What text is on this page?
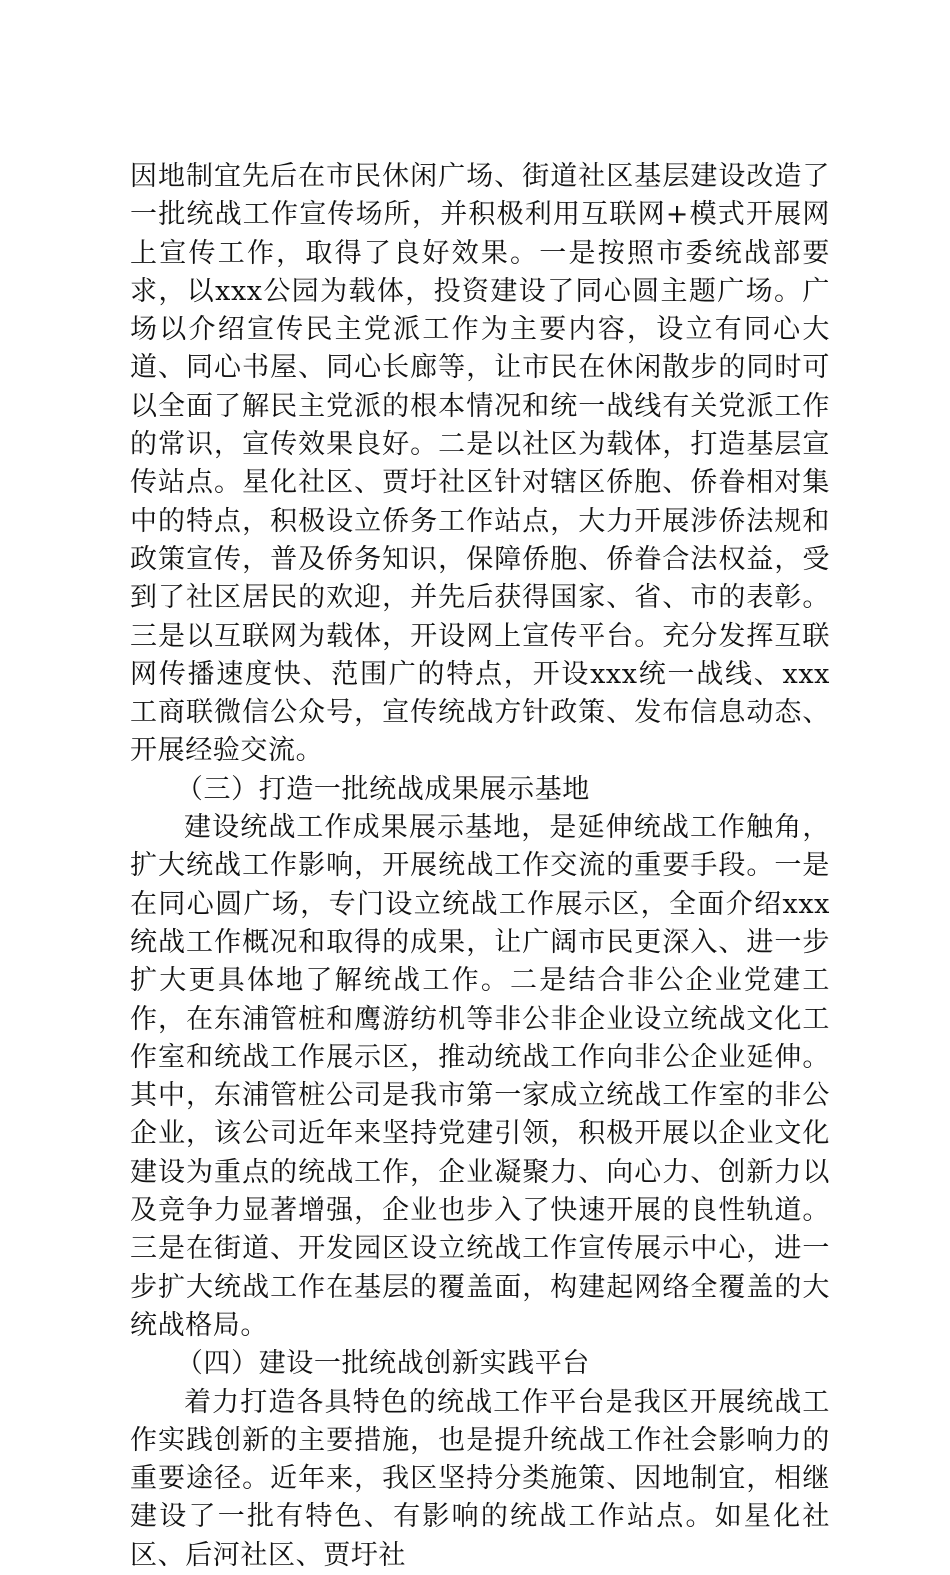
因地制宜先后在市民休闲广场、街道社区基层建设改造了一批统战工作宣传场所，并积极利用互联网+模式开展网上宣传工作，取得了良好效果。一是按照市委统战部要求，以xxx公园为载体，投资建设了同心圆主题广场。广场以介绍宣传民主党派工作为主要内容，设立有同心大道、同心书屋、同心长廊等，让市民在休闲散步的同时可以全面了解民主党派的根本情况和统一战线有关党派工作的常识，宣传效果良好。二是以社区为载体，打造基层宣传站点。星化社区、贾圩社区针对辖区侨胞、侨眷相对集中的特点，积极设立侨务工作站点，大力开展涉侨法规和政策宣传，普及侨务知识，保障侨胞、侨眷合法权益，受到了社区居民的欢迎，并先后获得国家、省、市的表彰。三是以互联网为载体，开设网上宣传平台。充分发挥互联网传播速度快、范围广的特点，开设xxx统一战线、xxx工商联微信公众号，宣传统战方针政策、发布信息动态、开展经验交流。

（三）打造一批统战成果展示基地

建设统战工作成果展示基地，是延伸统战工作触角，扩大统战工作影响，开展统战工作交流的重要手段。一是在同心圆广场，专门设立统战工作展示区，全面介绍xxx统战工作概况和取得的成果，让广阔市民更深入、进一步扩大更具体地了解统战工作。二是结合非公企业党建工作，在东浦管桩和鹰游纺机等非公非企业设立统战文化工作室和统战工作展示区，推动统战工作向非公企业延伸。其中，东浦管桩公司是我市第一家成立统战工作室的非公企业，该公司近年来坚持党建引领，积极开展以企业文化建设为重点的统战工作，企业凝聚力、向心力、创新力以及竞争力显著增强，企业也步入了快速开展的良性轨道。三是在街道、开发园区设立统战工作宣传展示中心，进一步扩大统战工作在基层的覆盖面，构建起网络全覆盖的大统战格局。

（四）建设一批统战创新实践平台

着力打造各具特色的统战工作平台是我区开展统战工作实践创新的主要措施，也是提升统战工作社会影响力的重要途径。近年来，我区坚持分类施策、因地制宜，相继建设了一批有特色、有影响的统战工作站点。如星化社区、后河社区、贾圩社
